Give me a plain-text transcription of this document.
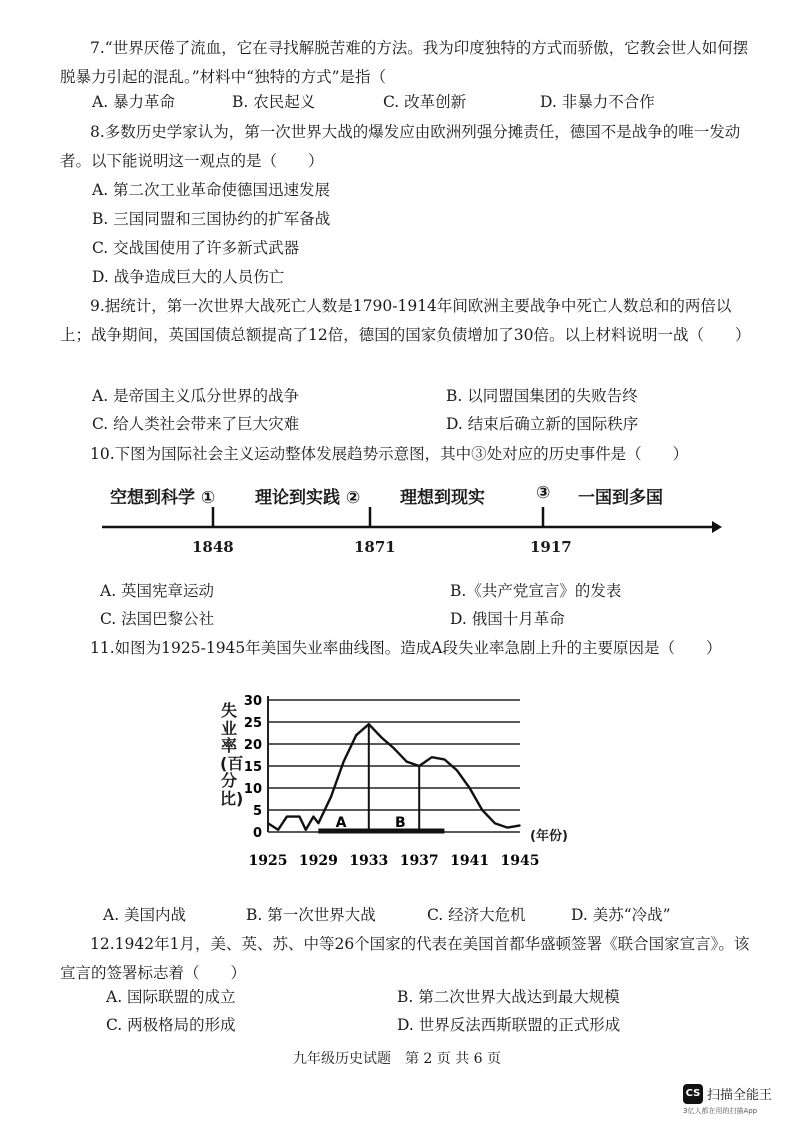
7.“世界厌倦了流血，它在寻找解脱苦难的方法。我为印度独特的方式而骄傲，它教会世人如何摆脱暴力引起的混乱。”材料中“独特的方式”是指（
A. 暴力革命	B. 农民起义	C. 改革创新	D. 非暴力不合作
8.多数历史学家认为，第一次世界大战的爆发应由欧洲列强分摊责任，德国不是战争的唯一发动者。以下能说明这一观点的是（　　）
A. 第二次工业革命使德国迅速发展
B. 三国同盟和三国协约的扩军备战
C. 交战国使用了许多新式武器
D. 战争造成巨大的人员伤亡
9.据统计，第一次世界大战死亡人数是1790-1914年间欧洲主要战争中死亡人数总和的两倍以上；战争期间，英国国债总额提高了12倍，德国的国家负债增加了30倍。以上材料说明一战（　　）
A. 是帝国主义瓜分世界的战争	B. 以同盟国集团的失败告终
C. 给人类社会带来了巨大灾难	D. 结束后确立新的国际秩序
10.下图为国际社会主义运动整体发展趋势示意图，其中③处对应的历史事件是（　　）
空想到科学 ① 理论到实践 ② 理想到现实	③ 一国到多国
1848	1871	1917
A. 英国宪章运动	B.《共产党宣言》的发表
C. 法国巴黎公社	D. 俄国十月革命
11.如图为1925-1945年美国失业率曲线图。造成A段失业率急剧上升的主要原因是（　　）
0
5
10
15
20
25
30
1925 1929 1933 1937 1941 1945
A	B
失业率(百分比)
(年份)
A. 美国内战	B. 第一次世界大战	C. 经济大危机	D. 美苏“冷战”
12.1942年1月，美、英、苏、中等26个国家的代表在美国首都华盛顿签署《联合国家宣言》。该宣言的签署标志着（　　）
A. 国际联盟的成立	B. 第二次世界大战达到最大规模
C. 两极格局的形成	D. 世界反法西斯联盟的正式形成
九年级历史试题　第 2 页 共 6 页
CS 扫描全能王
3亿人都在用的扫描App
